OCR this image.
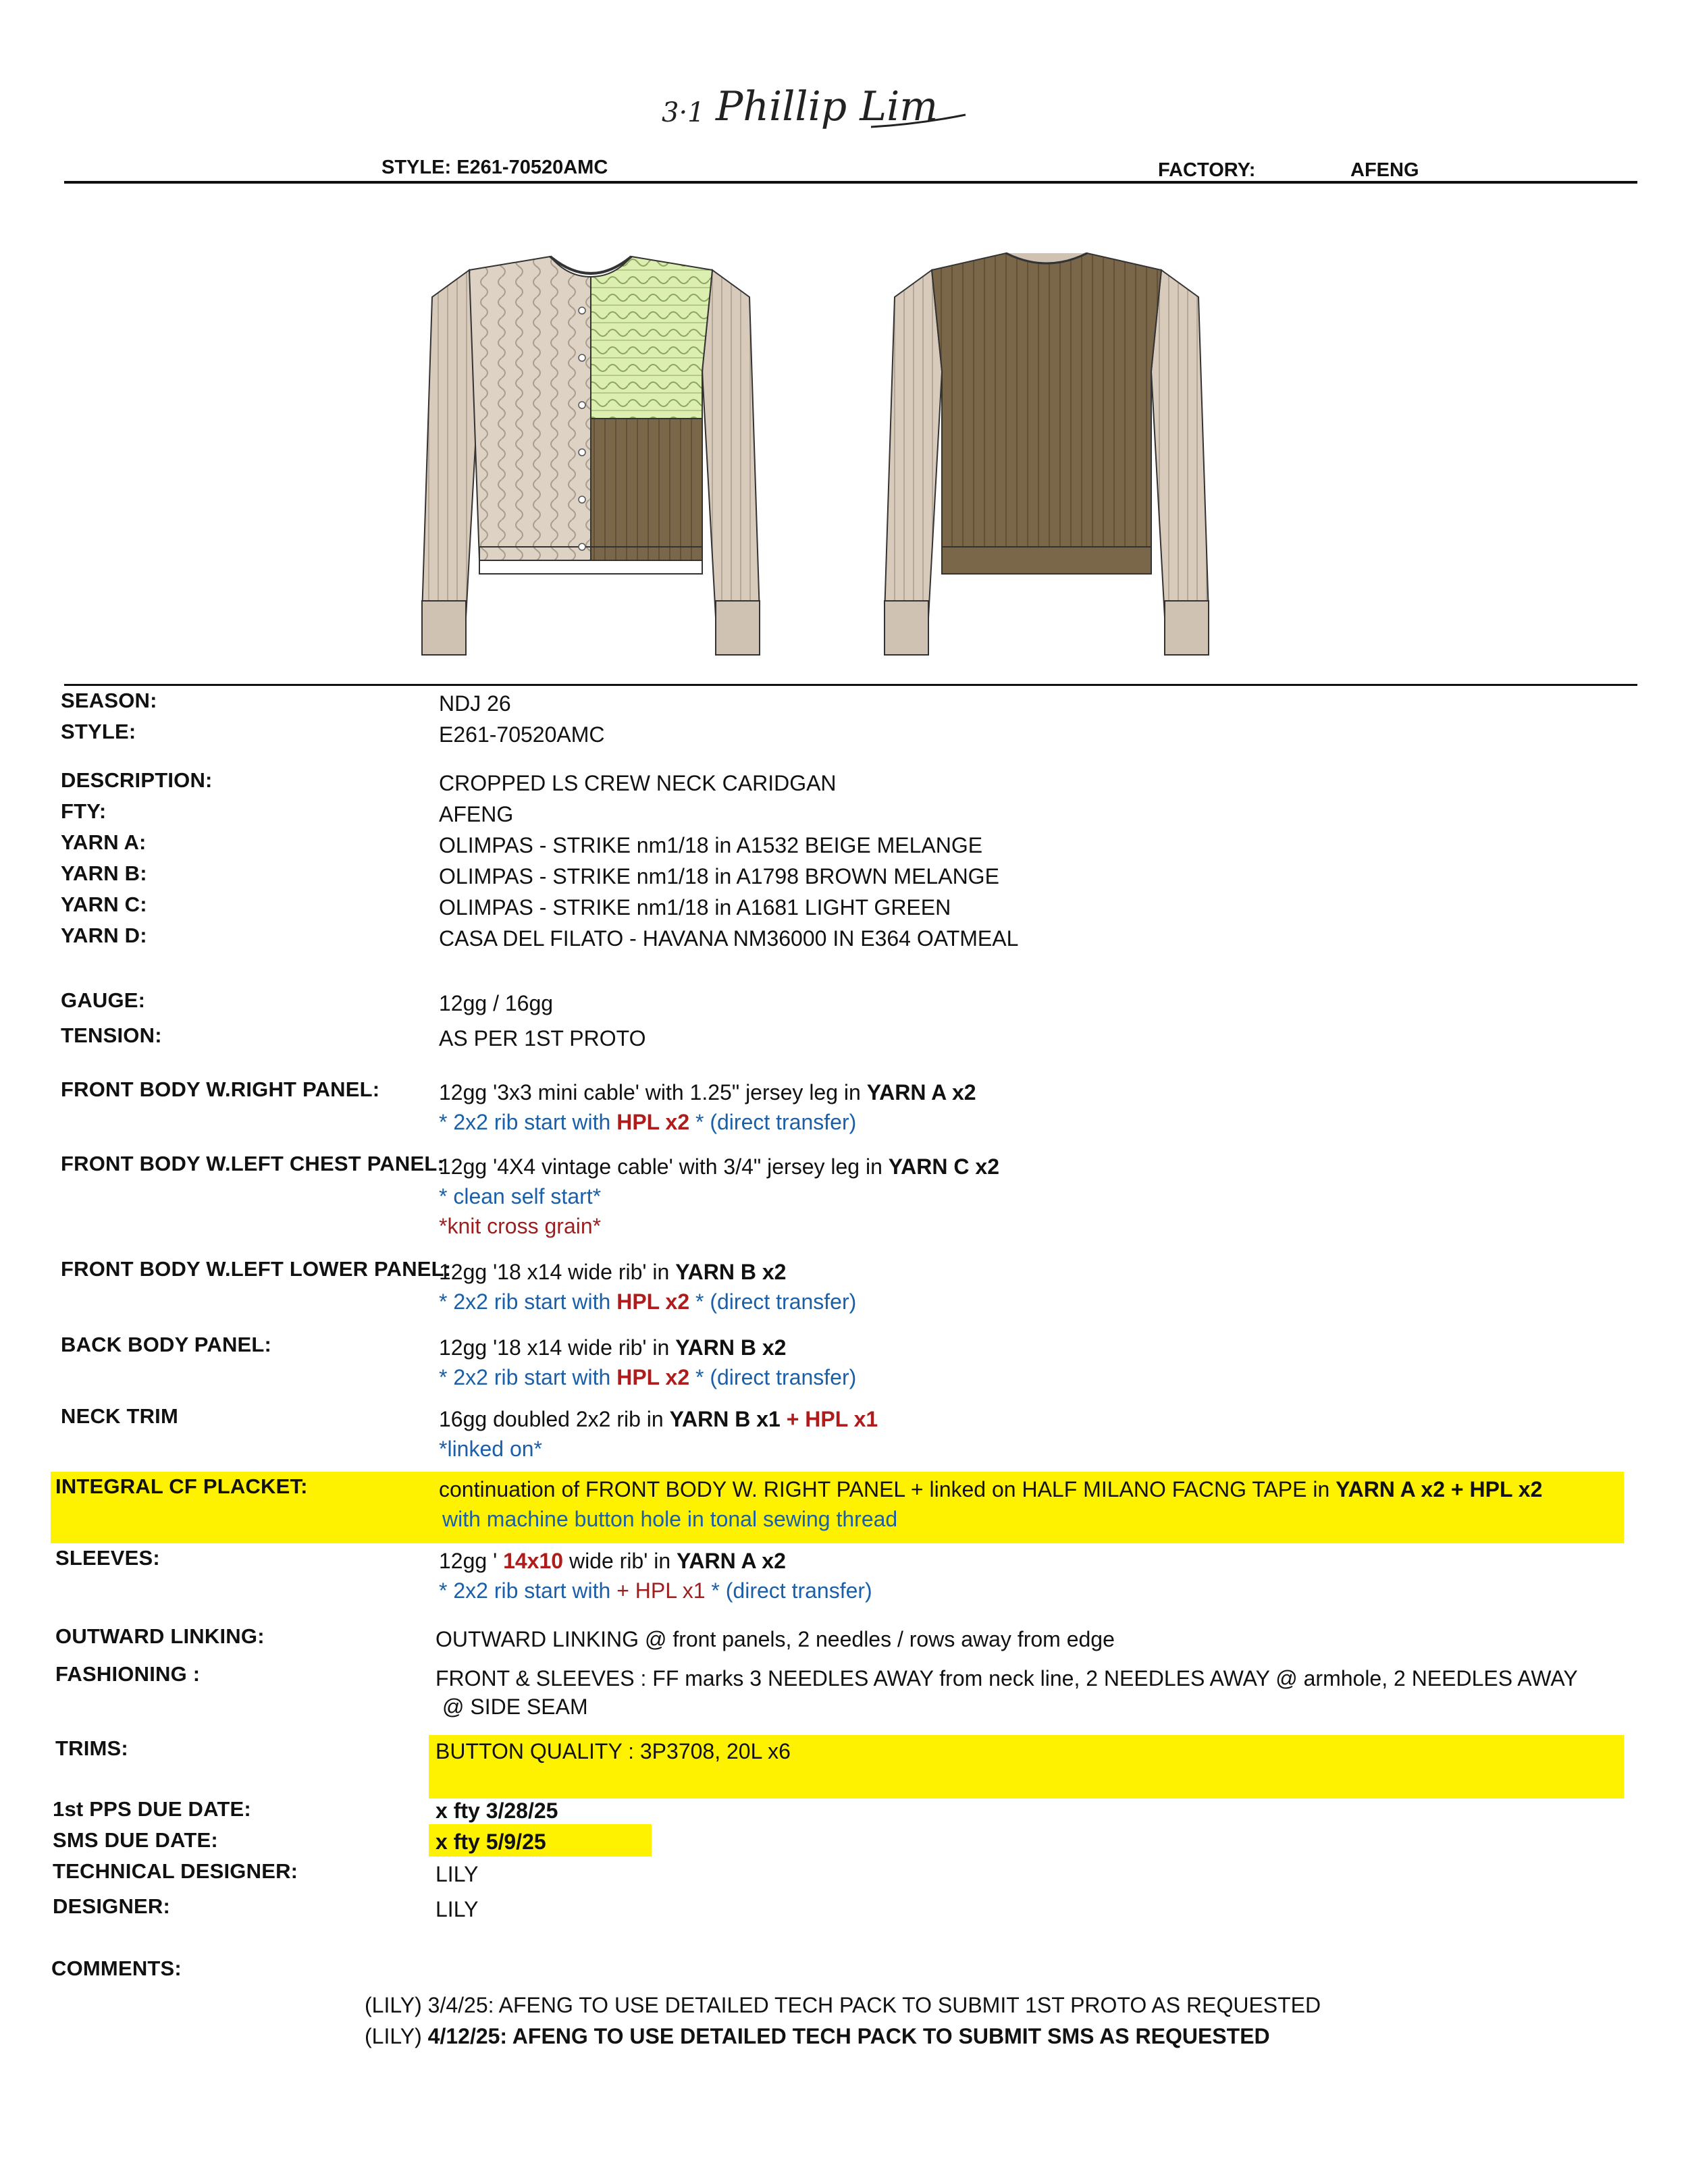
3·1 Phillip Lim
STYLE: E261-70520AMC	FACTORY:	AFENG
SEASON:	NDJ 26
STYLE:	E261-70520AMC
DESCRIPTION:	CROPPED LS CREW NECK CARIDGAN
FTY:	AFENG
YARN A:	OLIMPAS - STRIKE nm1/18 in A1532 BEIGE MELANGE
YARN B:	OLIMPAS - STRIKE nm1/18 in A1798 BROWN MELANGE
YARN C:	OLIMPAS - STRIKE nm1/18 in A1681 LIGHT GREEN
YARN D:	CASA DEL FILATO - HAVANA NM36000 IN E364 OATMEAL
GAUGE:	12gg / 16gg
TENSION:	AS PER 1ST PROTO
FRONT BODY W.RIGHT PANEL:	12gg '3x3 mini cable' with 1.25" jersey leg in YARN A x2
* 2x2 rib start with HPL x2 * (direct transfer)
FRONT BODY W.LEFT CHEST PANEL:
12gg '4X4 vintage cable' with 3/4" jersey leg in YARN C x2
* clean self start*
*knit cross grain*
FRONT BODY W.LEFT LOWER PANEL:
12gg '18 x14 wide rib' in YARN B x2
* 2x2 rib start with HPL x2 * (direct transfer)
BACK BODY PANEL:	12gg '18 x14 wide rib' in YARN B x2
* 2x2 rib start with HPL x2 * (direct transfer)
NECK TRIM	16gg doubled 2x2 rib in YARN B x1 + HPL x1
*linked on*
INTEGRAL CF PLACKET:	continuation of FRONT BODY W. RIGHT PANEL + linked on HALF MILANO FACNG TAPE in YARN A x2 + HPL x2
with machine button hole in tonal sewing thread
SLEEVES:	12gg ' 14x10 wide rib' in YARN A x2
* 2x2 rib start with + HPL x1 * (direct transfer)
OUTWARD LINKING:	OUTWARD LINKING @ front panels, 2 needles / rows away from edge
FASHIONING :	FRONT & SLEEVES : FF marks 3 NEEDLES AWAY from neck line, 2 NEEDLES AWAY @ armhole, 2 NEEDLES AWAY
@ SIDE SEAM
TRIMS:	BUTTON QUALITY : 3P3708, 20L x6
1st PPS DUE DATE:	x fty 3/28/25
SMS DUE DATE:	x fty 5/9/25
TECHNICAL DESIGNER:	LILY
DESIGNER:	LILY
COMMENTS:
(LILY) 3/4/25: AFENG TO USE DETAILED TECH PACK TO SUBMIT 1ST PROTO AS REQUESTED
(LILY) 4/12/25: AFENG TO USE DETAILED TECH PACK TO SUBMIT SMS AS REQUESTED
